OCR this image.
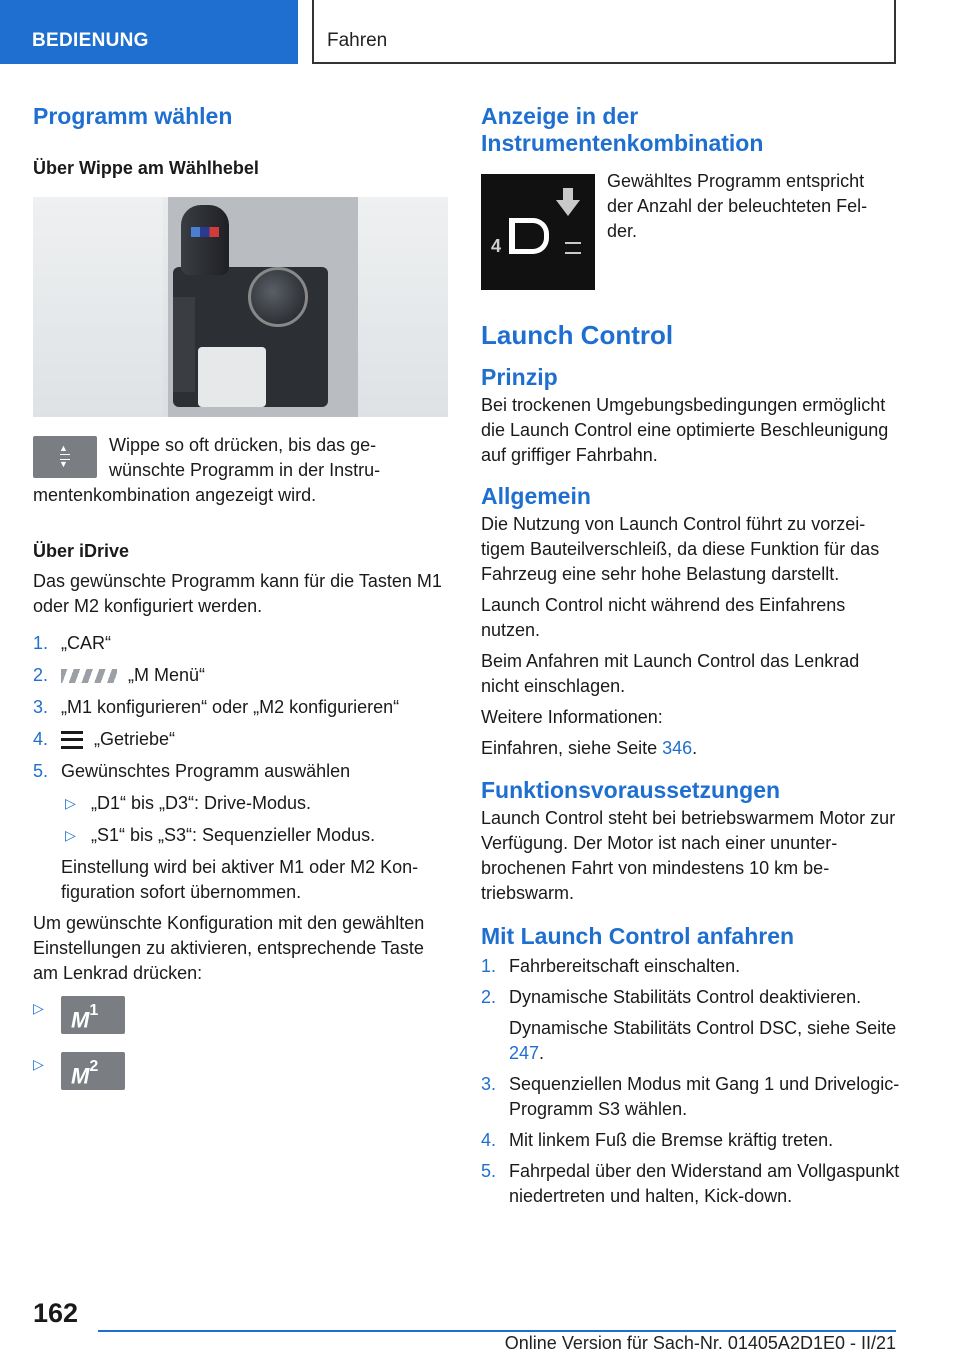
BEDIENUNG	Fahren
Programm wählen
Über Wippe am Wählhebel
▲
▼

Wippe so oft drücken, bis das ge-

wünschte Programm in der Instru-

mentenkombination angezeigt wird.

Über iDrive

Das gewünschte Programm kann für die Tasten M1 oder M2 konfiguriert werden.

1. „CAR“
2.	„M Menü“
3. „M1 konfigurieren“ oder „M2 konfigurieren“
4.	„Getriebe“
5. Gewünschtes Programm auswählen
▷ „D1“ bis „D3“: Drive-Modus.
▷ „S1“ bis „S3“: Sequenzieller Modus.

Einstellung wird bei aktiver M1 oder M2 Konfiguration sofort übernommen.

Um gewünschte Konfiguration mit den gewählten Einstellungen zu aktivieren, entsprechende Taste am Lenkrad drücken:

▷ $M^1$
▷ $M^2$
Anzeige in der Instrumentenkombination
4

Gewähltes Programm entspricht

der Anzahl der beleuchteten Fel-

der.

Launch Control
Prinzip

Bei trockenen Umgebungsbedingungen ermöglicht die Launch Control eine optimierte Beschleunigung auf griffiger Fahrbahn.

Allgemein

Die Nutzung von Launch Control führt zu vorzeitigem Bauteilverschleiß, da diese Funktion für das Fahrzeug eine sehr hohe Belastung darstellt.

Launch Control nicht während des Einfahrens nutzen.

Beim Anfahren mit Launch Control das Lenkrad nicht einschlagen.

Weitere Informationen:

Einfahren, siehe Seite 346.

Funktionsvoraussetzungen

Launch Control steht bei betriebswarmem Motor zur Verfügung. Der Motor ist nach einer ununterbrochenen Fahrt von mindestens 10 km betriebswarm.

Mit Launch Control anfahren
1. Fahrbereitschaft einschalten.
2. Dynamische Stabilitäts Control deaktivieren.

Dynamische Stabilitäts Control DSC, siehe Seite 247.

3. Sequenziellen Modus mit Gang 1 und Drivelogic-Programm S3 wählen.
4. Mit linkem Fuß die Bremse kräftig treten.
5. Fahrpedal über den Widerstand am Vollgaspunkt niedertreten und halten, Kick-down.
162
Online Version für Sach-Nr. 01405A2D1E0 - II/21
